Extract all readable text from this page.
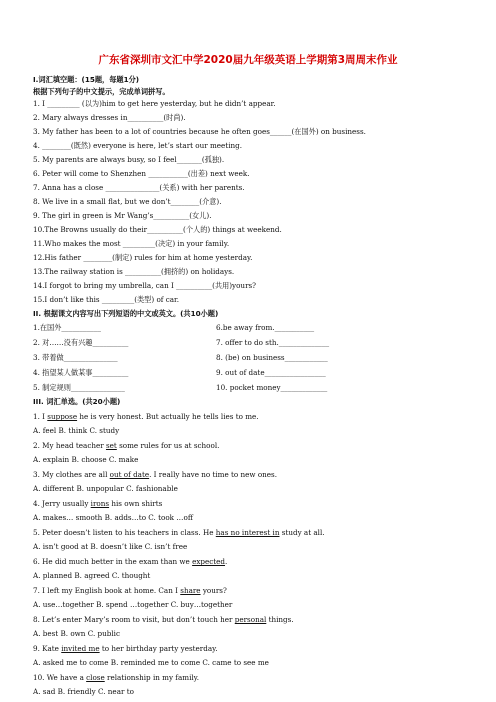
广东省深圳市文汇中学2020届九年级英语上学期第3周周末作业
I.词汇填空题：(15题，每题1分)
根据下列句子的中文提示，完成单词拼写。
1. I _________ (以为)him to get here yesterday, but he didn’t appear.
2. Mary always dresses in__________(时尚).
3. My father has been to a lot of countries because he often goes______(在国外) on business.
4. ________(既然) everyone is here, let’s start our meeting.
5. My parents are always busy, so I feel_______(孤独).
6. Peter will come to Shenzhen ___________(出差) next week.
7. Anna has a close _______________(关系) with her parents.
8. We live in a small flat, but we don’t________(介意).
9. The girl in green is Mr Wang’s__________(女儿).
10.The Browns usually do their__________(个人的) things at weekend.
11.Who makes the most _________(决定) in your family.
12.His father ________(制定) rules for him at home yesterday.
13.The railway station is __________(拥挤的) on holidays.
14.I forgot to bring my umbrella, can I __________(共用)yours?
15.I don’t like this _________(类型) of car.
II. 根据课文内容写出下列短语的中文或英文。(共10小题)
1.在国外___________
2. 对……没有兴趣__________
3. 带着做_______________
4. 指望某人做某事__________
5. 制定规则_______________
6.be away from.___________
7. offer to do sth.______________
8. (be) on business____________
9. out of date_________________
10. pocket money_____________
III. 词汇单选。(共20小题)
1. I suppose he is very honest. But actually he tells lies to me.
A. feel B. think C. study
2. My head teacher set some rules for us at school.
A. explain B. choose C. make
3. My clothes are all out of date. I really have no time to new ones.
A. different B. unpopular C. fashionable
4. Jerry usually irons his own shirts
A. makes… smooth B. adds…to C. took …off
5. Peter doesn’t listen to his teachers in class. He has no interest in study at all.
A. isn’t good at B. doesn’t like C. isn’t free
6. He did much better in the exam than we expected.
A. planned B. agreed C. thought
7. I left my English book at home. Can I share yours?
A. use…together B. spend …together C. buy…together
8. Let’s enter Mary’s room to visit, but don’t touch her personal things.
A. best B. own C. public
9. Kate invited me to her birthday party yesterday.
A. asked me to come B. reminded me to come C. came to see me
10. We have a close relationship in my family.
A. sad B. friendly C. near to
